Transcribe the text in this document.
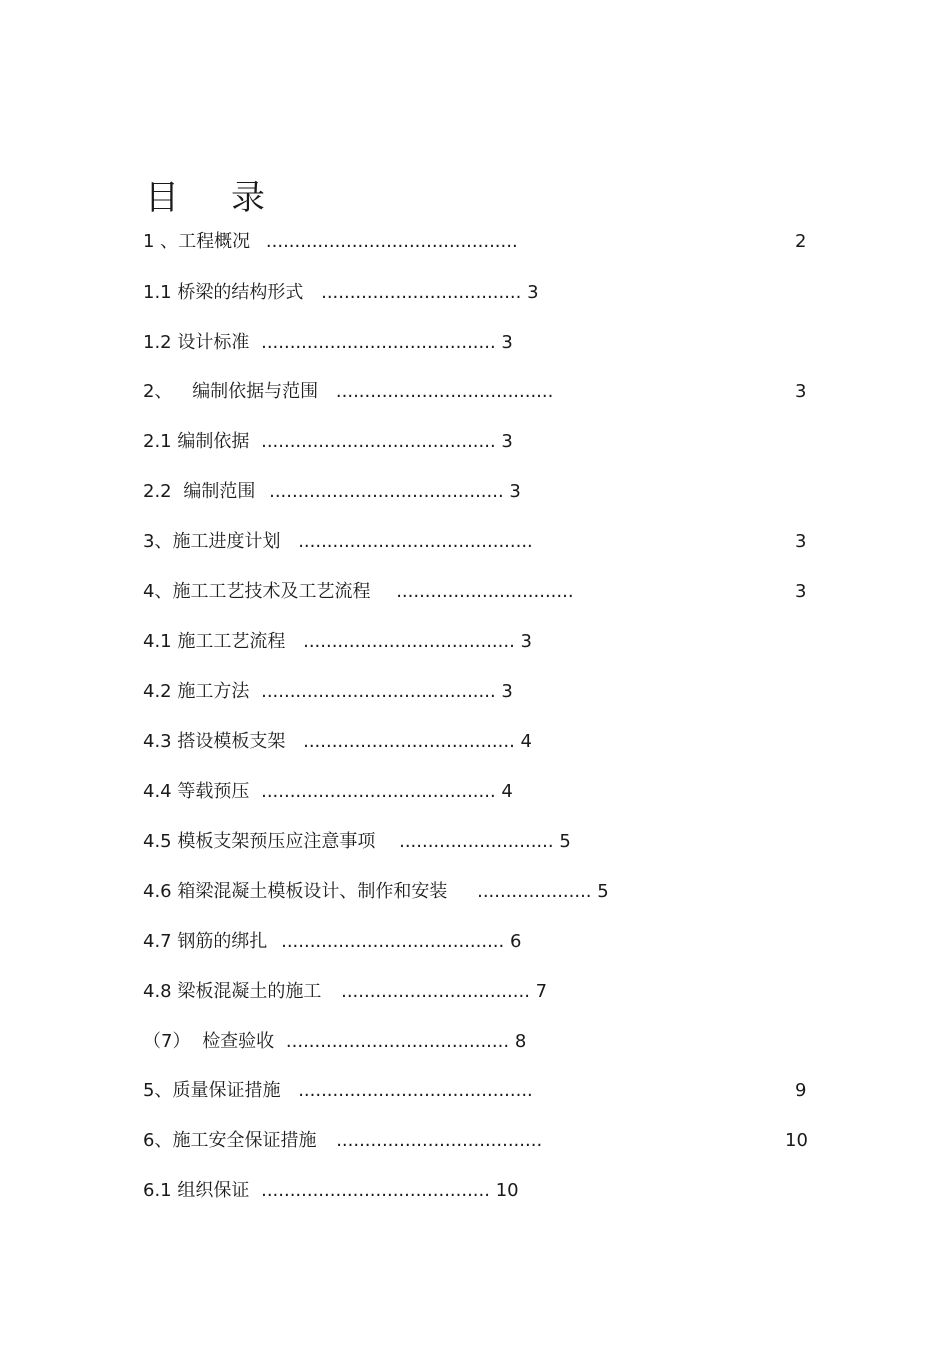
目 录
1 、工程概况 ............................................	2
1.1 桥梁的结构形式 ................................... 3
1.2 设计标准 ......................................... 3
2、 编制依据与范围 ......................................	3
2.1 编制依据 ......................................... 3
2.2 编制范围 ......................................... 3
3、施工进度计划 .........................................	3
4、施工工艺技术及工艺流程 ...............................	3
4.1 施工工艺流程 ..................................... 3
4.2 施工方法 ......................................... 3
4.3 搭设模板支架 ..................................... 4
4.4 等载预压 ......................................... 4
4.5 模板支架预压应注意事项 ........................... 5
4.6 箱梁混凝土模板设计、制作和安装 .................... 5
4.7 钢筋的绑扎 ....................................... 6
4.8 梁板混凝土的施工 ................................. 7
（7） 检查验收 ....................................... 8
5、质量保证措施 .........................................	9
6、施工安全保证措施 ....................................	10
6.1 组织保证 ........................................ 10
